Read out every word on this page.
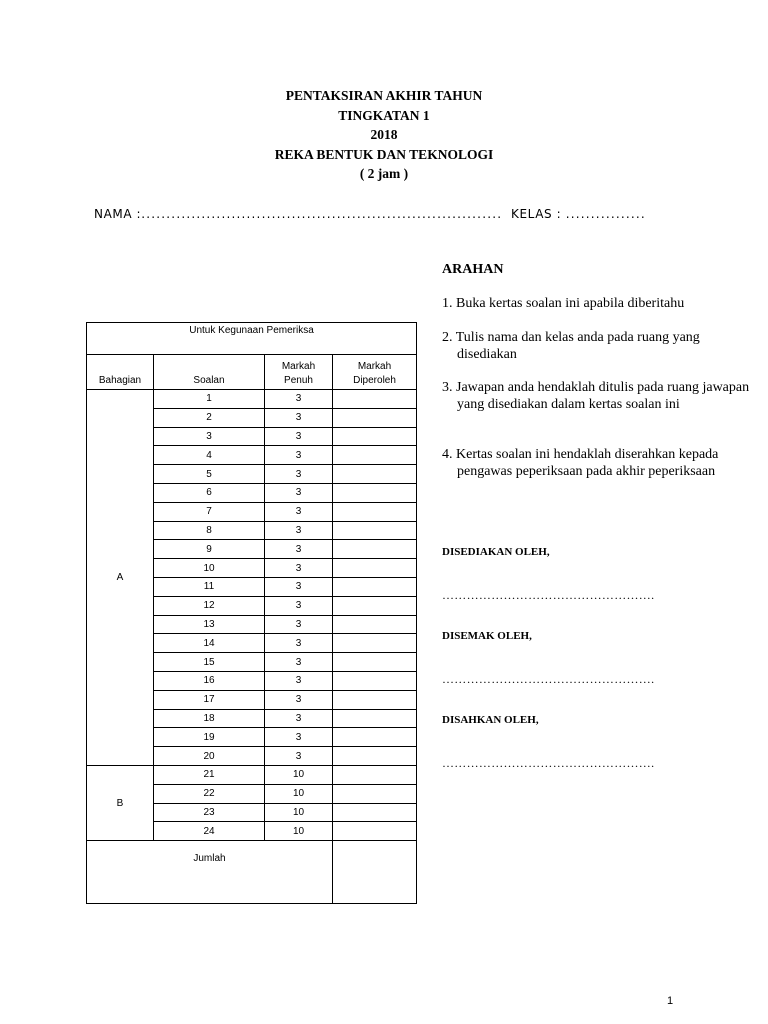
PENTAKSIRAN AKHIR TAHUN
TINGKATAN 1
2018
REKA BENTUK DAN TEKNOLOGI
( 2 jam )
NAMA :........................................................................ KELAS : ................
ARAHAN
1. Buka kertas soalan ini apabila diberitahu
2. Tulis nama dan kelas anda pada ruang yang disediakan
3. Jawapan anda hendaklah ditulis pada ruang jawapan yang disediakan dalam kertas soalan ini
4. Kertas soalan ini hendaklah diserahkan kepada pengawas peperiksaan pada akhir peperiksaan
DISEDIAKAN OLEH,
…………………………………………….
DISEMAK OLEH,
…………………………………………….
DISAHKAN OLEH,
…………………………………………….
Untuk Kegunaan Pemeriksa			
Bahagian	Soalan	Markah Penuh	Markah Diperoleh
A	1	3	
	2	3	
	3	3	
	4	3	
	5	3	
	6	3	
	7	3	
	8	3	
	9	3	
	10	3	
	11	3	
	12	3	
	13	3	
	14	3	
	15	3	
	16	3	
	17	3	
	18	3	
	19	3	
	20	3	
B	21	10	
	22	10	
	23	10	
	24	10	
Jumlah			
1
